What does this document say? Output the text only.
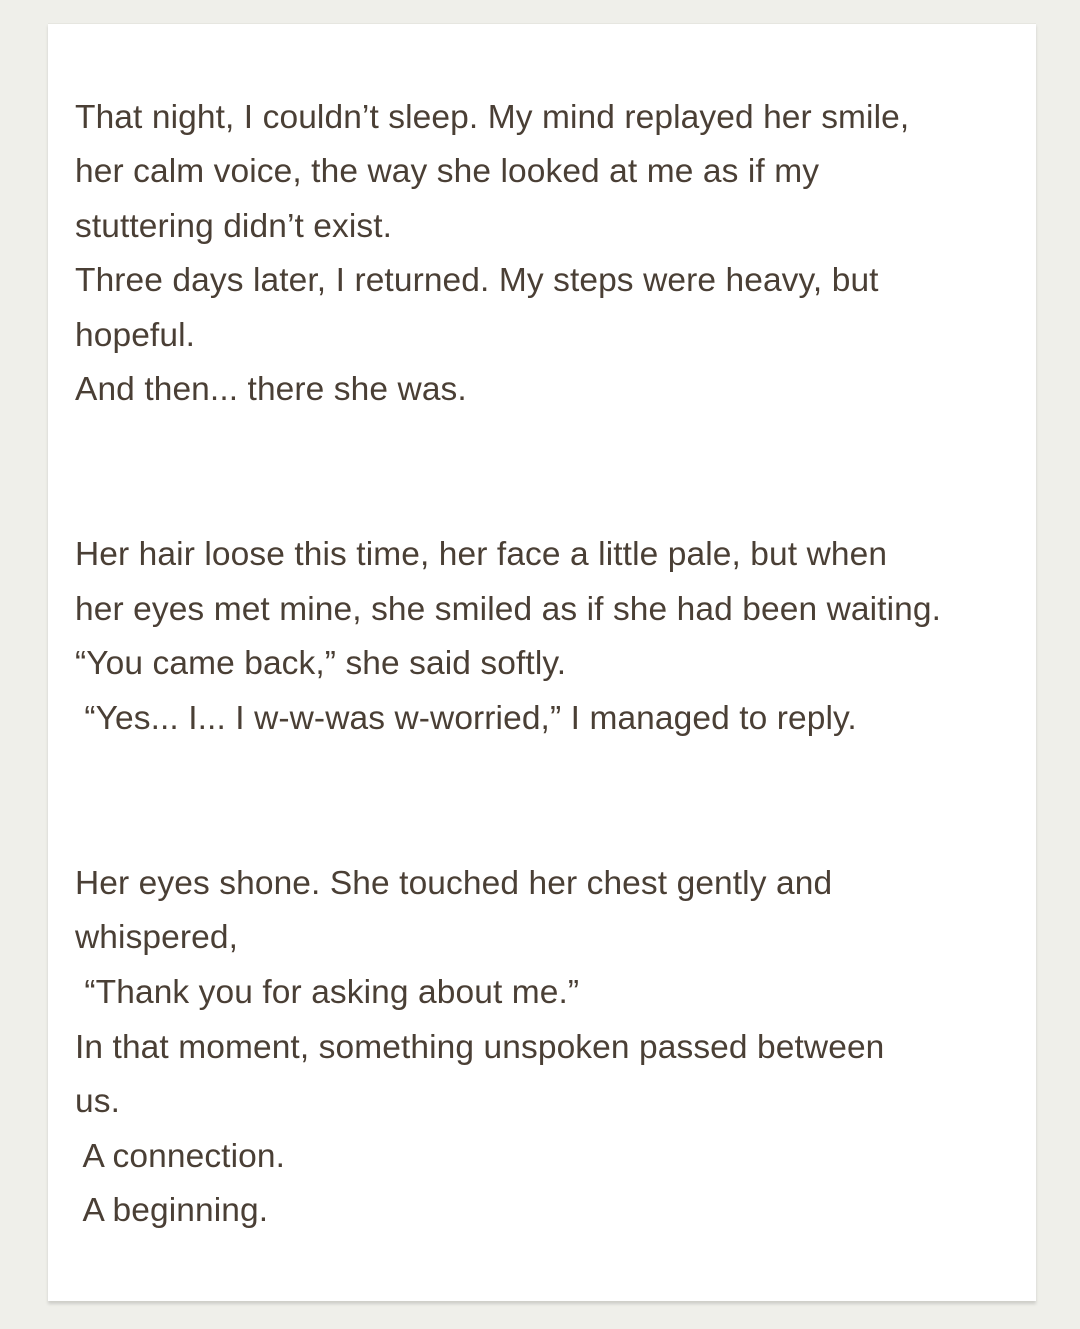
That night, I couldn’t sleep. My mind replayed her smile,

her calm voice, the way she looked at me as if my

stuttering didn’t exist.

Three days later, I returned. My steps were heavy, but

hopeful.

And then... there she was.

Her hair loose this time, her face a little pale, but when

her eyes met mine, she smiled as if she had been waiting.

“You came back,” she said softly.

“Yes... I... I w-w-was w-worried,” I managed to reply.

Her eyes shone. She touched her chest gently and

whispered,

“Thank you for asking about me.”

In that moment, something unspoken passed between

us.

A connection.

A beginning.
